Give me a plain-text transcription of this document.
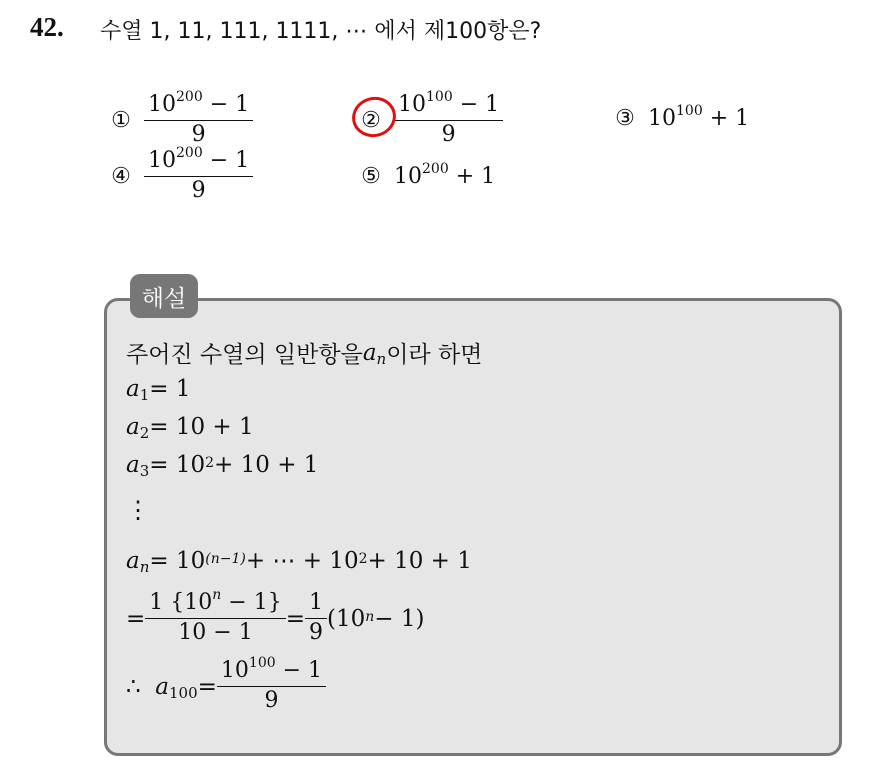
42. 수열 1, 11, 111, 1111, ⋯ 에서 제100항은?
① $\frac{10^{200} - 1}{9}$	② $\frac{10^{100} - 1}{9}$	③ $10^{100} + 1$
④ $\frac{10^{200} - 1}{9}$	⑤ $10^{200} + 1$
해설
주어진 수열의 일반항을 a n 이라 하면
a 1 = 1
a 2 = 10 + 1
a $3 = 10^2 + 10 + 1$
⋮
a $n = 10^{(n-1)}$ + ⋯ + $10^2 + 10 + 1$
= $\frac{1 \{10^n - 1\}}{10 - 1} = \frac{1}{9} (10^n - 1)$
∴
a $100 = \frac{10^{100} - 1}{9}$
